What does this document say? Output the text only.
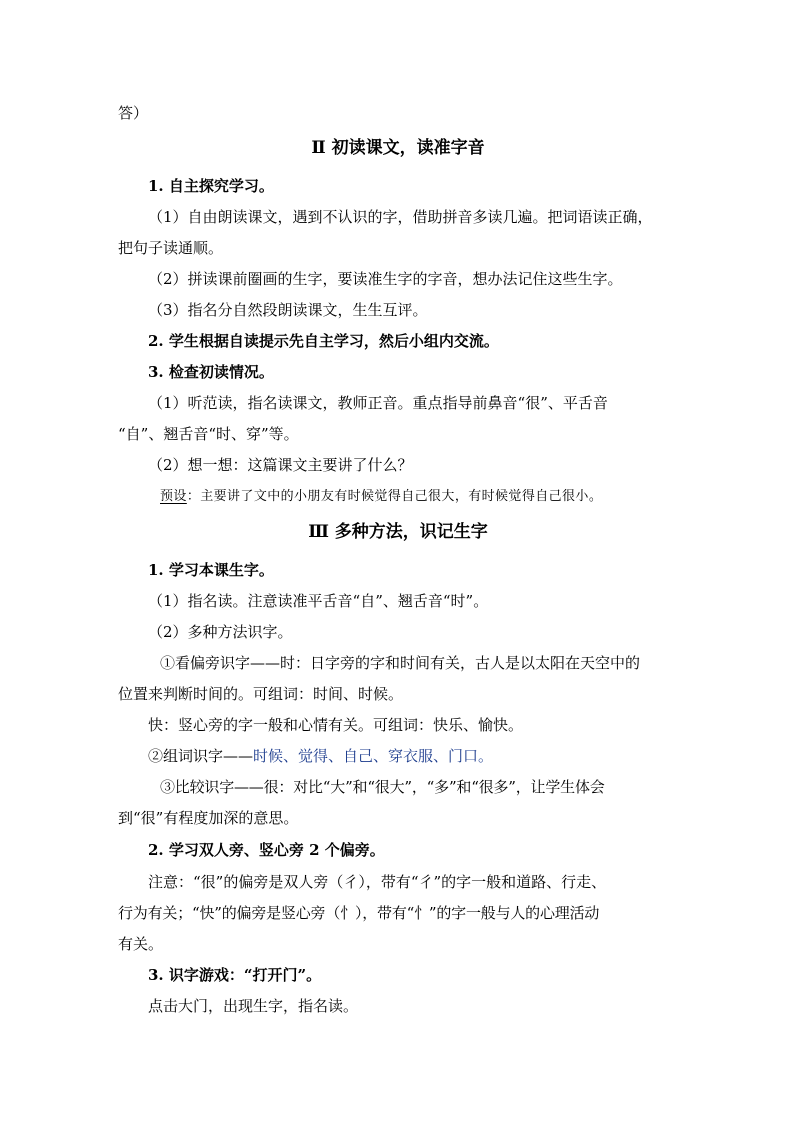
答）
Ⅱ 初读课文，读准字音
1. 自主探究学习。
（1）自由朗读课文，遇到不认识的字，借助拼音多读几遍。把词语读正确，
把句子读通顺。
（2）拼读课前圈画的生字，要读准生字的字音，想办法记住这些生字。
（3）指名分自然段朗读课文，生生互评。
2. 学生根据自读提示先自主学习，然后小组内交流。
3. 检查初读情况。
（1）听范读，指名读课文，教师正音。重点指导前鼻音“很”、平舌音
“自”、翘舌音“时、穿”等。
（2）想一想：这篇课文主要讲了什么？
预设：主要讲了文中的小朋友有时候觉得自己很大，有时候觉得自己很小。
Ⅲ 多种方法，识记生字
1. 学习本课生字。
（1）指名读。注意读准平舌音“自”、翘舌音“时”。
（2）多种方法识字。
①看偏旁识字——时：日字旁的字和时间有关，古人是以太阳在天空中的
位置来判断时间的。可组词：时间、时候。
快：竖心旁的字一般和心情有关。可组词：快乐、愉快。
②组词识字——时候、觉得、自己、穿衣服、门口。
③比较识字——很：对比“大”和“很大”，“多”和“很多”，让学生体会
到“很”有程度加深的意思。
2. 学习双人旁、竖心旁 2 个偏旁。
注意：“很”的偏旁是双人旁（彳），带有“彳”的字一般和道路、行走、
行为有关；“快”的偏旁是竖心旁（忄），带有“忄”的字一般与人的心理活动
有关。
3. 识字游戏：“打开门”。
点击大门，出现生字，指名读。
